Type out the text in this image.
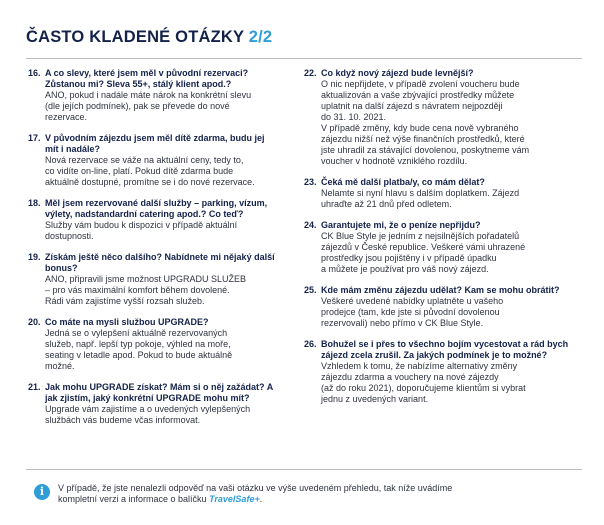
ČASTO KLADENÉ OTÁZKY 2/2
16. A co slevy, které jsem měl v původní rezervaci? Zůstanou mi? Sleva 55+, stálý klient apod.?
ANO, pokud i nadále máte nárok na konkrétní slevu
(dle jejích podmínek), pak se převede do nové
rezervace.
17. V původním zájezdu jsem měl dítě zdarma, budu jej mít i nadále?
Nová rezervace se váže na aktuální ceny, tedy to,
co vidíte on-line, platí. Pokud dítě zdarma bude
aktuálně dostupné, promítne se i do nové rezervace.
18. Měl jsem rezervované další služby – parking, vízum, výlety, nadstandardní catering apod.? Co teď?
Služby vám budou k dispozici v případě aktuální
dostupnosti.
19. Získám ještě něco dalšího? Nabídnete mi nějaký další bonus?
ANO, připravili jsme možnost UPGRADU SLUŽEB
– pro vás maximální komfort během dovolené.
Rádi vám zajistíme vyšší rozsah služeb.
20. Co máte na mysli službou UPGRADE?
Jedná se o vylepšení aktuálně rezervovaných
služeb, např. lepší typ pokoje, výhled na moře,
seating v letadle apod. Pokud to bude aktuálně
možné.
21. Jak mohu UPGRADE získat? Mám si o něj zažádat? A jak zjistím, jaký konkrétní UPGRADE mohu mít?
Upgrade vám zajistíme a o uvedených vylepšených
službách vás budeme včas informovat.
22. Co když nový zájezd bude levnější?
O nic nepřijdete, v případě zvolení voucheru bude
aktualizován a vaše zbývající prostředky můžete
uplatnit na další zájezd s návratem nejpozději
do 31. 10. 2021.
V případě změny, kdy bude cena nově vybraného
zájezdu nižší než výše finančních prostředků, které
jste uhradil za stávající dovolenou, poskytneme vám
voucher v hodnotě vzniklého rozdílu.
23. Čeká mě další platba/y, co mám dělat?
Nelamte si nyní hlavu s dalším doplatkem. Zájezd
uhraďte až 21 dnů před odletem.
24. Garantujete mi, že o peníze nepřijdu?
CK Blue Style je jedním z nejsilnějších pořadatelů
zájezdů v České republice. Veškeré vámi uhrazené
prostředky jsou pojištěny i v případě úpadku
a můžete je používat pro váš nový zájezd.
25. Kde mám změnu zájezdu udělat? Kam se mohu obrátit?
Veškeré uvedené nabídky uplatněte u vašeho
prodejce (tam, kde jste si původní dovolenou
rezervovali) nebo přímo v CK Blue Style.
26. Bohužel se i přes to všechno bojím vycestovat a rád bych zájezd zcela zrušil. Za jakých podmínek je to možné?
Vzhledem k tomu, že nabízíme alternativy změny
zájezdu zdarma a vouchery na nové zájezdy
(až do roku 2021), doporučujeme klientům si vybrat
jednu z uvedených variant.
i	V případě, že jste nenalezli odpověď na vaši otázku ve výše uvedeném přehledu, tak níže uvádíme
kompletní verzi a informace o balíčku TravelSafe+.
